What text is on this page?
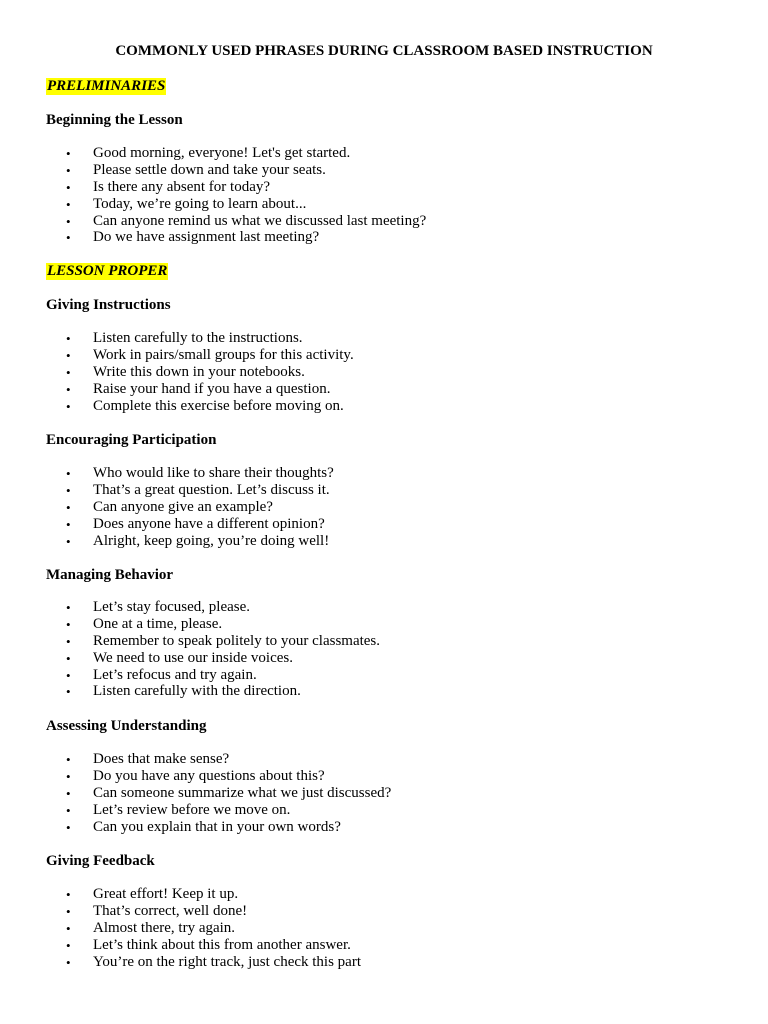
COMMONLY USED PHRASES DURING CLASSROOM BASED INSTRUCTION
PRELIMINARIES
Beginning the Lesson
• Good morning, everyone! Let's get started.
• Please settle down and take your seats.
• Is there any absent for today?
• Today, we’re going to learn about...
• Can anyone remind us what we discussed last meeting?
• Do we have assignment last meeting?
LESSON PROPER
Giving Instructions
• Listen carefully to the instructions.
• Work in pairs/small groups for this activity.
• Write this down in your notebooks.
• Raise your hand if you have a question.
• Complete this exercise before moving on.
Encouraging Participation
• Who would like to share their thoughts?
• That’s a great question. Let’s discuss it.
• Can anyone give an example?
• Does anyone have a different opinion?
• Alright, keep going, you’re doing well!
Managing Behavior
• Let’s stay focused, please.
• One at a time, please.
• Remember to speak politely to your classmates.
• We need to use our inside voices.
• Let’s refocus and try again.
• Listen carefully with the direction.
Assessing Understanding
• Does that make sense?
• Do you have any questions about this?
• Can someone summarize what we just discussed?
• Let’s review before we move on.
• Can you explain that in your own words?
Giving Feedback
• Great effort! Keep it up.
• That’s correct, well done!
• Almost there, try again.
• Let’s think about this from another answer.
• You’re on the right track, just check this part
